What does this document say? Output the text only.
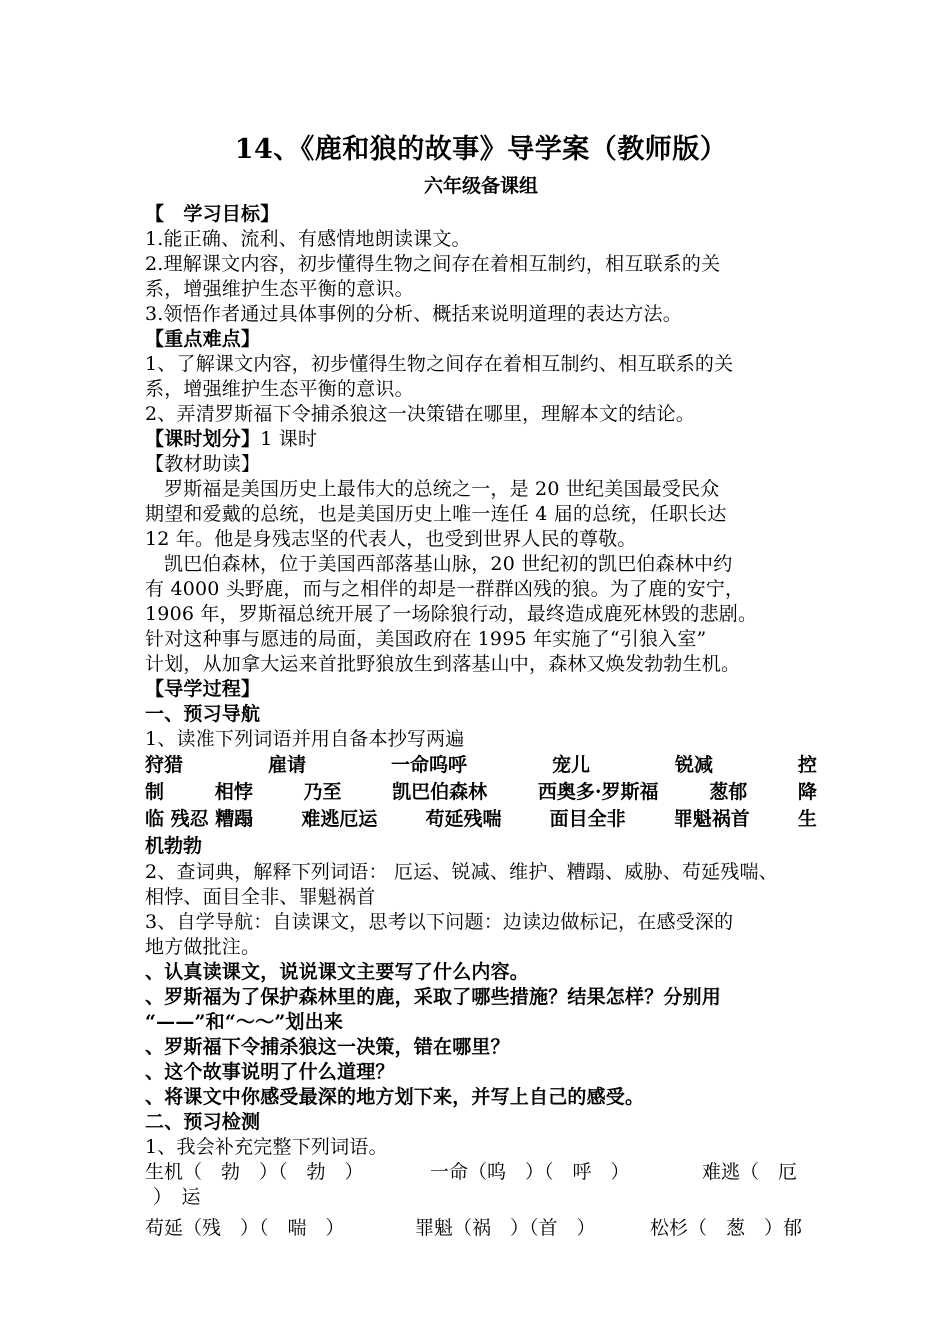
14、《鹿和狼的故事》导学案（教师版）
六年级备课组
【　学习目标】
1.能正确、流利、有感情地朗读课文。
2.理解课文内容，初步懂得生物之间存在着相互制约，相互联系的关
系，增强维护生态平衡的意识。
3.领悟作者通过具体事例的分析、概括来说明道理的表达方法。
【重点难点】
1、了解课文内容，初步懂得生物之间存在着相互制约、相互联系的关
系，增强维护生态平衡的意识。
2、弄清罗斯福下令捕杀狼这一决策错在哪里，理解本文的结论。
【课时划分】1 课时
【教材助读】
罗斯福是美国历史上最伟大的总统之一，是 20 世纪美国最受民众
期望和爱戴的总统，也是美国历史上唯一连任 4 届的总统，任职长达
12 年。他是身残志坚的代表人，也受到世界人民的尊敬。
凯巴伯森林，位于美国西部落基山脉，20 世纪初的凯巴伯森林中约
有 4000 头野鹿，而与之相伴的却是一群群凶残的狼。为了鹿的安宁，
1906 年，罗斯福总统开展了一场除狼行动，最终造成鹿死林毁的悲剧。
针对这种事与愿违的局面，美国政府在 1995 年实施了“引狼入室”
计划，从加拿大运来首批野狼放生到落基山中，森林又焕发勃勃生机。
【导学过程】
一、预习导航
1、读准下列词语并用自备本抄写两遍
狩猎	雇请	一命呜呼	宠儿	锐减	控
制	相悖	乃至	凯巴伯森林	西奥多·罗斯福	葱郁	降
临 残忍 糟蹋	难逃厄运	苟延残喘	面目全非	罪魁祸首	生
机勃勃
2、查词典，解释下列词语： 厄运、锐减、维护、糟蹋、威胁、苟延残喘、
相悖、面目全非、罪魁祸首
3、自学导航：自读课文，思考以下问题：边读边做标记，在感受深的
地方做批注。
、认真读课文，说说课文主要写了什么内容。
、罗斯福为了保护森林里的鹿，采取了哪些措施？结果怎样？分别用
“——”和“～～”划出来
、罗斯福下令捕杀狼这一决策，错在哪里？
、这个故事说明了什么道理？
、将课文中你感受最深的地方划下来，并写上自己的感受。
二、预习检测
1、我会补充完整下列词语。
生机（　勃　）（　勃　）	一命（呜　）（　呼　）	难逃（　厄
）　运
苟延（残　）（　喘　）	罪魁（祸　）（首　）	松杉（　葱　）郁
